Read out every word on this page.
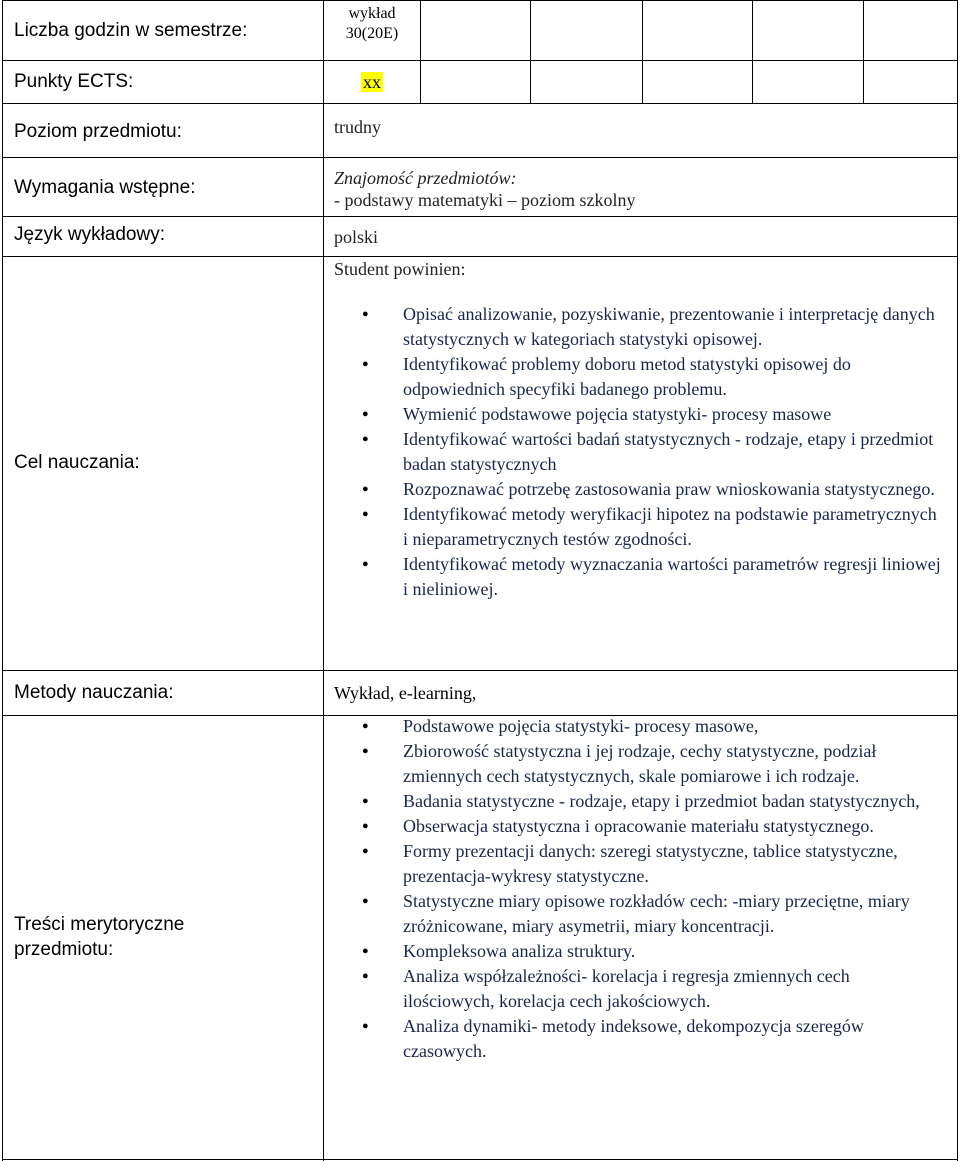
Liczba godzin w semestrze:
Punkty ECTS:
Poziom przedmiotu:
Wymagania wstępne:
Język wykładowy:
Cel nauczania:
Metody nauczania:
Treści merytoryczne
przedmiotu:
wykład
30(20E)
xx
trudny
Znajomość przedmiotów:
- podstawy matematyki – poziom szkolny
polski
Student powinien:
● Opisać analizowanie, pozyskiwanie, prezentowanie i interpretację danych statystycznych w kategoriach statystyki opisowej.
● Identyfikować problemy doboru metod statystyki opisowej do odpowiednich specyfiki badanego problemu.
● Wymienić podstawowe pojęcia statystyki- procesy masowe
● Identyfikować wartości badań statystycznych - rodzaje, etapy i przedmiot badan statystycznych
● Rozpoznawać potrzebę zastosowania praw wnioskowania statystycznego.
● Identyfikować metody weryfikacji hipotez na podstawie parametrycznych i nieparametrycznych testów zgodności.
● Identyfikować metody wyznaczania wartości parametrów regresji liniowej i nieliniowej.
Wykład, e-learning,
● Podstawowe pojęcia statystyki- procesy masowe,
● Zbiorowość statystyczna i jej rodzaje, cechy statystyczne, podział zmiennych cech statystycznych, skale pomiarowe i ich rodzaje.
● Badania statystyczne - rodzaje, etapy i przedmiot badan statystycznych,
● Obserwacja statystyczna i opracowanie materiału statystycznego.
● Formy prezentacji danych: szeregi statystyczne, tablice statystyczne, prezentacja-wykresy statystyczne.
● Statystyczne miary opisowe rozkładów cech: -miary przeciętne, miary zróżnicowane, miary asymetrii, miary koncentracji.
● Kompleksowa analiza struktury.
● Analiza współzależności- korelacja i regresja zmiennych cech ilościowych, korelacja cech jakościowych.
● Analiza dynamiki- metody indeksowe, dekompozycja szeregów czasowych.
